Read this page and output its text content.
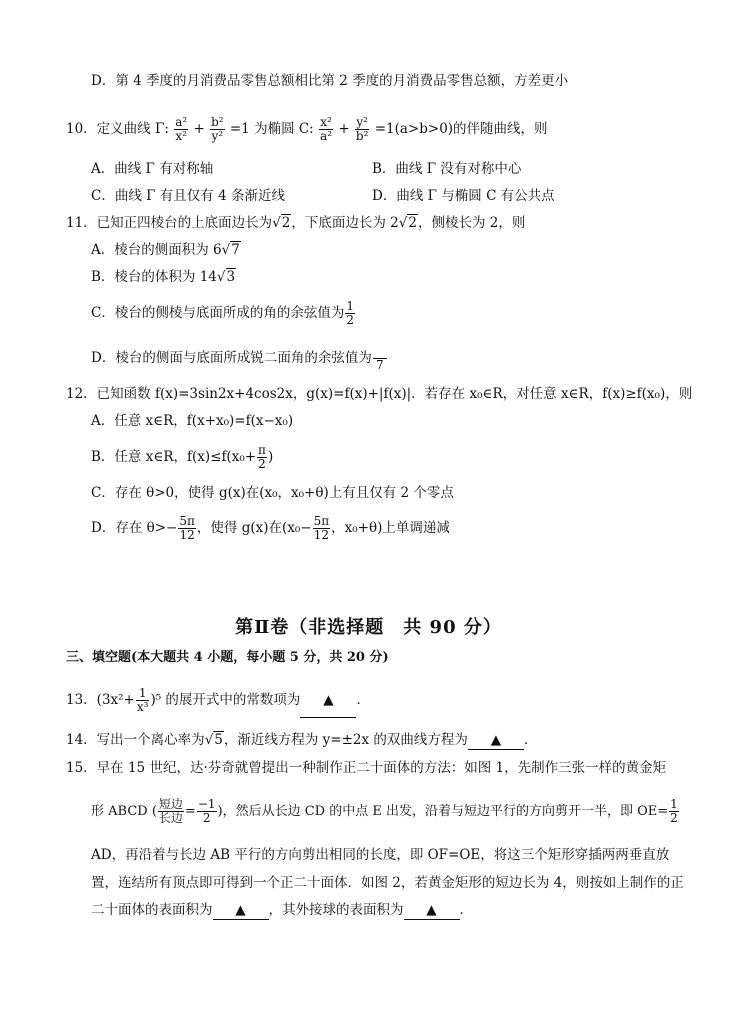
D．第 4 季度的月消费品零售总额相比第 2 季度的月消费品零售总额，方差更小
10．定义曲线 Γ: $\frac{\text{a²}}{\text{x²}} + \frac{\text{b²}}{\text{y²}} =1$ 为椭圆 C: $\frac{\text{x²}}{\text{a²}} + \frac{\text{y²}}{\text{b²}} =1(a>b>0)$的伴随曲线，则
A．曲线 Γ 有对称轴	B．曲线 Γ 没有对称中心
C．曲线 Γ 有且仅有 4 条渐近线	D．曲线 Γ 与椭圆 C 有公共点
11．已知正四棱台的上底面边长为√2，下底面边长为 2√2，侧棱长为 2，则
A．棱台的侧面积为 6√7
B．棱台的体积为 14√3
C．棱台的侧棱与底面所成的角的余弦值为 $\frac{1}{2}$
D．棱台的侧面与底面所成锐二面角的余弦值为 7
12．已知函数 f(x)=3sin2x+4cos2x，g(x)=f(x)+|f(x)|．若存在 x₀∈R，对任意 x∈R，f(x)≥f(x₀)，则
A．任意 x∈R，f(x+x₀)=f(x−x₀)
B．任意 x∈R，$f(x)\le f(x_0+ \frac{\pi}{2}$ )
C．存在 θ>0，使得 g(x)在(x₀，x₀+θ)上有且仅有 2 个零点
D．存在 $\theta>- \frac{5\pi}{12}$ ，使得 g(x)在($x_0- \frac{5\pi}{12}$ ，x₀+θ)上单调递减
第Ⅱ卷（非选择题　共 90 分）
三、填空题(本大题共 4 小题，每小题 5 分，共 20 分)
13．$(3x^2+ \frac{1}{\text{x³}} )^5$ 的展开式中的常数项为 ▲ ．
14．写出一个离心率为√5，渐近线方程为 y=±2x 的双曲线方程为 ▲ ．
15．早在 15 世纪，达·芬奇就曾提出一种制作正二十面体的方法：如图 1，先制作三张一样的黄金矩
形 ABCD ( $\frac{\text{短边}}{\text{长边}} = \frac{-1}{2}$ )，然后从长边 CD 的中点 E 出发，沿着与短边平行的方向剪开一半，即 $OE= \frac{1}{2}$
AD，再沿着与长边 AB 平行的方向剪出相同的长度，即 OF=OE，将这三个矩形穿插两两垂直放
置，连结所有顶点即可得到一个正二十面体．如图 2，若黄金矩形的短边长为 4，则按如上制作的正
二十面体的表面积为 ▲ ，其外接球的表面积为 ▲ ．
